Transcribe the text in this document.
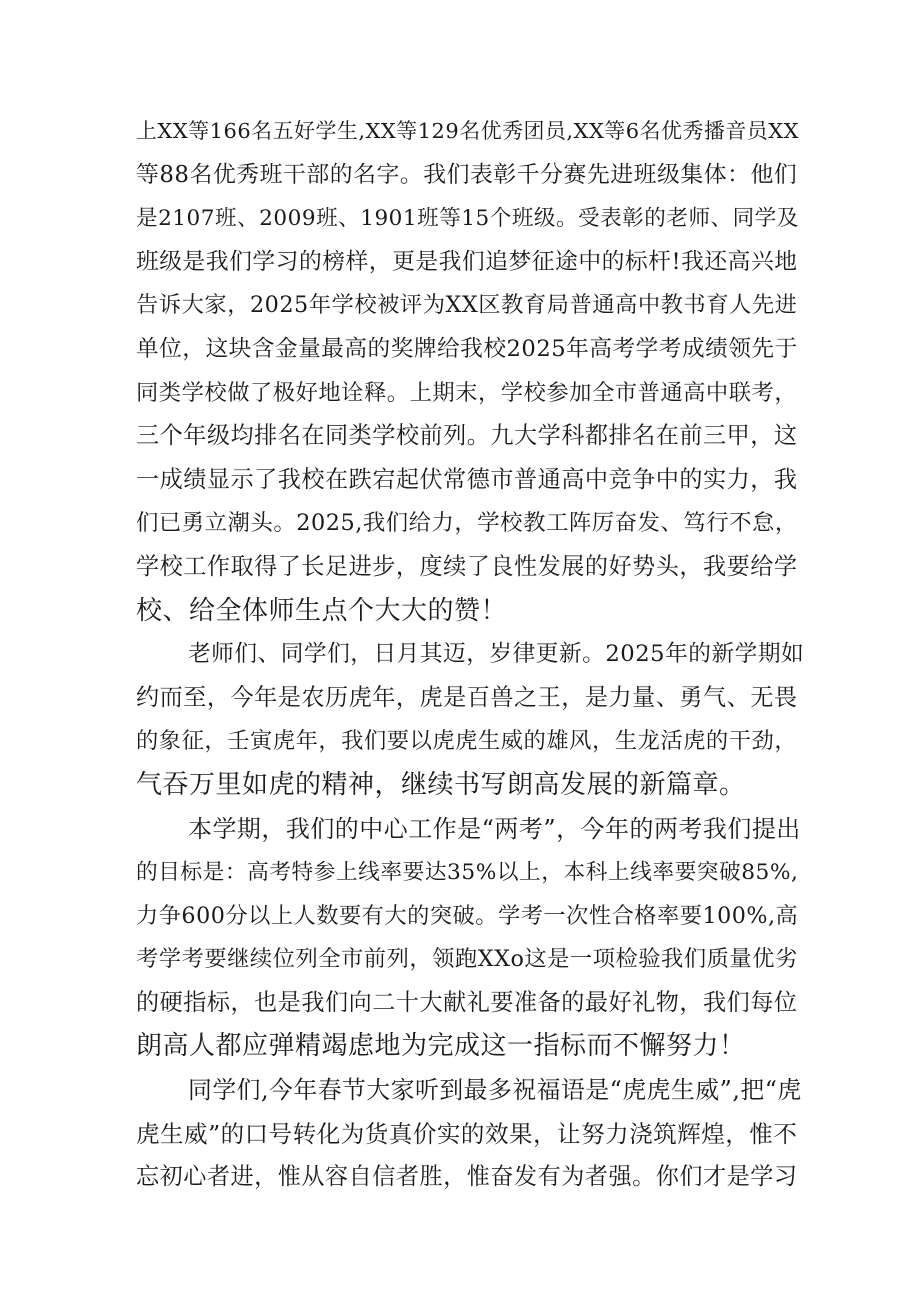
上XX等166名五好学生,XX等129名优秀团员,XX等6名优秀播音员XX
等88名优秀班干部的名字。我们表彰千分赛先进班级集体：他们
是2107班、2009班、1901班等15个班级。受表彰的老师、同学及
班级是我们学习的榜样，更是我们追梦征途中的标杆!我还高兴地
告诉大家，2025年学校被评为XX区教育局普通高中教书育人先进
单位，这块含金量最高的奖牌给我校2025年高考学考成绩领先于
同类学校做了极好地诠释。上期末，学校参加全市普通高中联考，
三个年级均排名在同类学校前列。九大学科都排名在前三甲，这
一成绩显示了我校在跌宕起伏常德市普通高中竞争中的实力，我
们已勇立潮头。2025,我们给力，学校教工阵厉奋发、笃行不怠，
学校工作取得了长足进步，度续了良性发展的好势头，我要给学
校、给全体师生点个大大的赞！

老师们、同学们，日月其迈，岁律更新。2025年的新学期如
约而至，今年是农历虎年，虎是百兽之王，是力量、勇气、无畏
的象征，壬寅虎年，我们要以虎虎生威的雄风，生龙活虎的干劲，
气吞万里如虎的精神，继续书写朗高发展的新篇章。

本学期，我们的中心工作是“两考”，今年的两考我们提出
的目标是：高考特参上线率要达35%以上，本科上线率要突破85%,
力争600分以上人数要有大的突破。学考一次性合格率要100%,高
考学考要继续位列全市前列，领跑XXo这是一项检验我们质量优劣
的硬指标，也是我们向二十大献礼要准备的最好礼物，我们每位
朗高人都应弹精竭虑地为完成这一指标而不懈努力！

同学们,今年春节大家听到最多祝福语是“虎虎生威”,把“虎
虎生威”的口号转化为货真价实的效果，让努力浇筑辉煌，惟不
忘初心者进，惟从容自信者胜，惟奋发有为者强。你们才是学习
